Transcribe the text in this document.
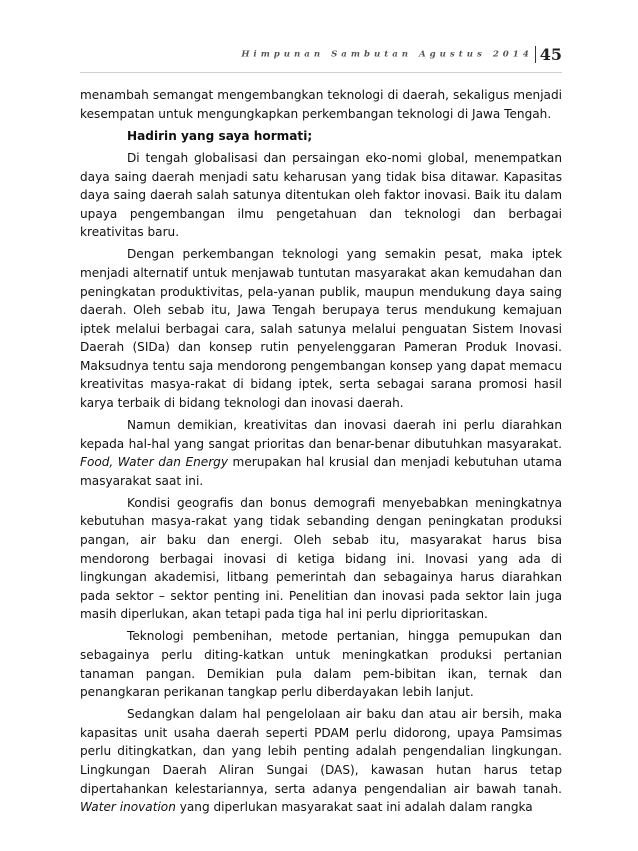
Himpunan Sambutan Agustus 2014 45

menambah semangat mengembangkan teknologi di daerah, sekaligus menjadi kesempatan untuk mengungkapkan perkembangan teknologi di Jawa Tengah.

Hadirin yang saya hormati;

Di tengah globalisasi dan persaingan eko-nomi global, menempatkan daya saing daerah menjadi satu keharusan yang tidak bisa ditawar. Kapasitas daya saing daerah salah satunya ditentukan oleh faktor inovasi. Baik itu dalam upaya pengembangan ilmu pengetahuan dan teknologi dan berbagai kreativitas baru.

Dengan perkembangan teknologi yang semakin pesat, maka iptek menjadi alternatif untuk menjawab tuntutan masyarakat akan kemudahan dan peningkatan produktivitas, pela-yanan publik, maupun mendukung daya saing daerah. Oleh sebab itu, Jawa Tengah berupaya terus mendukung kemajuan iptek melalui berbagai cara, salah satunya melalui penguatan Sistem Inovasi Daerah (SIDa) dan konsep rutin penyelenggaran Pameran Produk Inovasi. Maksudnya tentu saja mendorong pengembangan konsep yang dapat memacu kreativitas masya-rakat di bidang iptek, serta sebagai sarana promosi hasil karya terbaik di bidang teknologi dan inovasi daerah.

Namun demikian, kreativitas dan inovasi daerah ini perlu diarahkan kepada hal-hal yang sangat prioritas dan benar-benar dibutuhkan masyarakat. Food, Water dan Energy merupakan hal krusial dan menjadi kebutuhan utama masyarakat saat ini.

Kondisi geografis dan bonus demografi menyebabkan meningkatnya kebutuhan masya-rakat yang tidak sebanding dengan peningkatan produksi pangan, air baku dan energi. Oleh sebab itu, masyarakat harus bisa mendorong berbagai inovasi di ketiga bidang ini. Inovasi yang ada di lingkungan akademisi, litbang pemerintah dan sebagainya harus diarahkan pada sektor – sektor penting ini. Penelitian dan inovasi pada sektor lain juga masih diperlukan, akan tetapi pada tiga hal ini perlu diprioritaskan.

Teknologi pembenihan, metode pertanian, hingga pemupukan dan sebagainya perlu diting-katkan untuk meningkatkan produksi pertanian tanaman pangan. Demikian pula dalam pem-bibitan ikan, ternak dan penangkaran perikanan tangkap perlu diberdayakan lebih lanjut.

Sedangkan dalam hal pengelolaan air baku dan atau air bersih, maka kapasitas unit usaha daerah seperti PDAM perlu didorong, upaya Pamsimas perlu ditingkatkan, dan yang lebih penting adalah pengendalian lingkungan. Lingkungan Daerah Aliran Sungai (DAS), kawasan hutan harus tetap dipertahankan kelestariannya, serta adanya pengendalian air bawah tanah. Water inovation yang diperlukan masyarakat saat ini adalah dalam rangka
